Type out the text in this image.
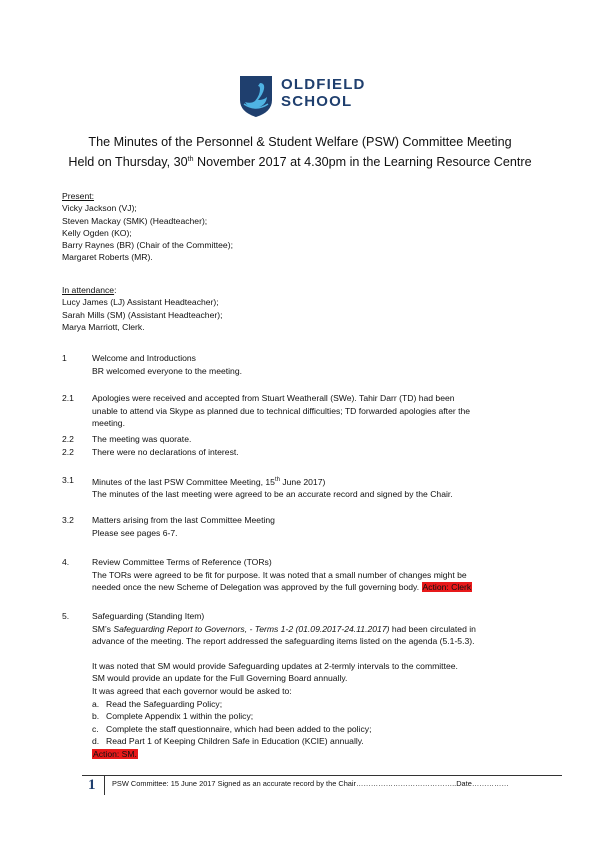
OLDFIELD
SCHOOL
The Minutes of the Personnel & Student Welfare (PSW) Committee Meeting
Held on Thursday, 30th November 2017 at 4.30pm in the Learning Resource Centre
Present:
Vicky Jackson (VJ);
Steven Mackay (SMK) (Headteacher);
Kelly Ogden (KO);
Barry Raynes (BR) (Chair of the Committee);
Margaret Roberts (MR).
In attendance:
Lucy James (LJ) Assistant Headteacher);
Sarah Mills (SM) (Assistant Headteacher);
Marya Marriott, Clerk.
1	Welcome and Introductions
BR welcomed everyone to the meeting.
2.1 Apologies were received and accepted from Stuart Weatherall (SWe). Tahir Darr (TD) had been
unable to attend via Skype as planned due to technical difficulties; TD forwarded apologies after the
meeting.
2.2 The meeting was quorate.
2.2 There were no declarations of interest.
3.1 Minutes of the last PSW Committee Meeting, 15th June 2017)
The minutes of the last meeting were agreed to be an accurate record and signed by the Chair.
3.2 Matters arising from the last Committee Meeting
Please see pages 6-7.
4.	Review Committee Terms of Reference (TORs)
The TORs were agreed to be fit for purpose. It was noted that a small number of changes might be
needed once the new Scheme of Delegation was approved by the full governing body. Action: Clerk
5.	Safeguarding (Standing Item)
SM’s Safeguarding Report to Governors, - Terms 1-2 (01.09.2017-24.11.2017) had been circulated in
advance of the meeting. The report addressed the safeguarding items listed on the agenda (5.1-5.3).
It was noted that SM would provide Safeguarding updates at 2-termly intervals to the committee.
SM would provide an update for the Full Governing Board annually.
It was agreed that each governor would be asked to:
a. Read the Safeguarding Policy;
b. Complete Appendix 1 within the policy;
c. Complete the staff questionnaire, which had been added to the policy;
d. Read Part 1 of Keeping Children Safe in Education (KCIE) annually.
Action: SM.
1 PSW Committee: 15 June 2017 Signed as an accurate record by the Chair…………………………………..Date……………
